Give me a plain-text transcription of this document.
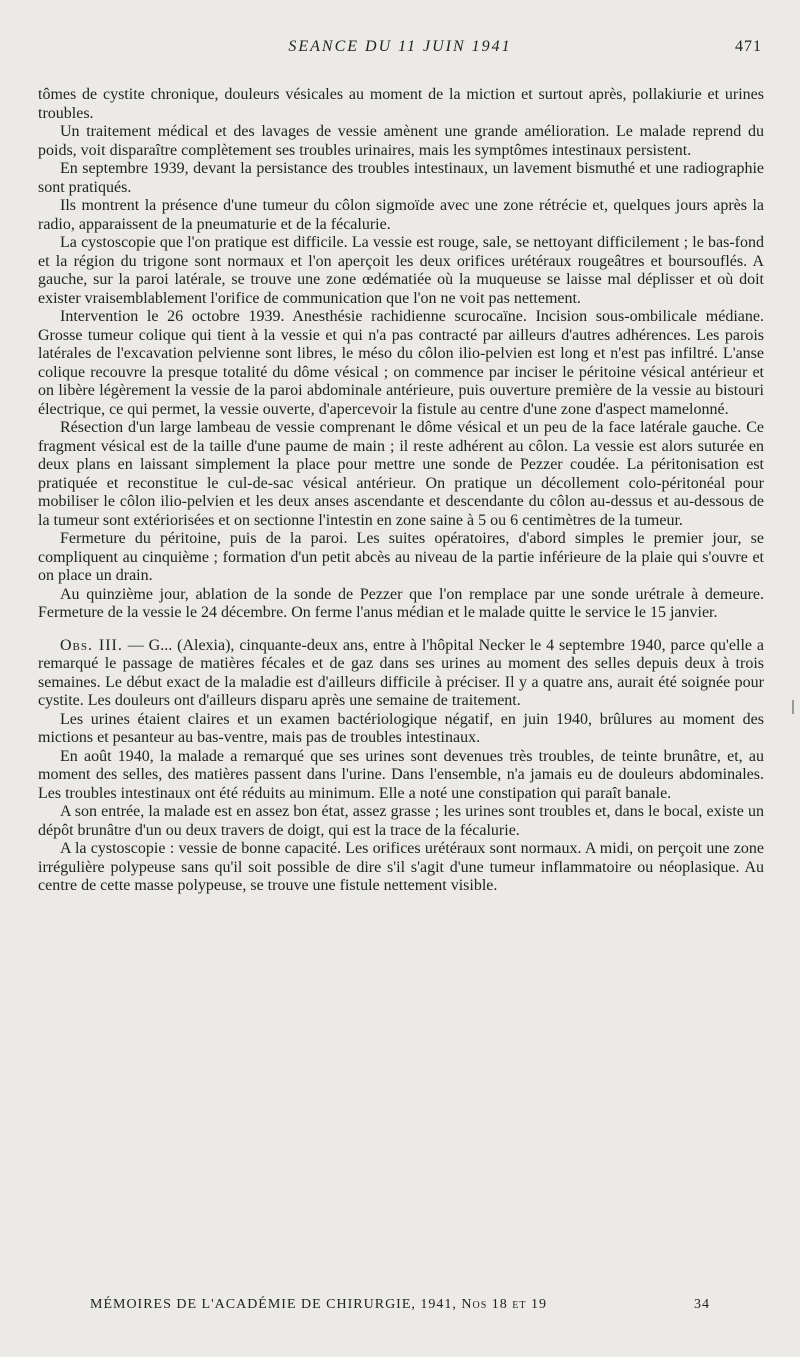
SEANCE DU 11 JUIN 1941	471

tômes de cystite chronique, douleurs vésicales au moment de la miction et surtout après, pollakiurie et urines troubles.

Un traitement médical et des lavages de vessie amènent une grande amélioration. Le malade reprend du poids, voit disparaître complètement ses troubles urinaires, mais les symptômes intestinaux persistent.

En septembre 1939, devant la persistance des troubles intestinaux, un lavement bismuthé et une radiographie sont pratiqués.

Ils montrent la présence d'une tumeur du côlon sigmoïde avec une zone rétrécie et, quelques jours après la radio, apparaissent de la pneumaturie et de la fécalurie.

La cystoscopie que l'on pratique est difficile. La vessie est rouge, sale, se nettoyant difficilement ; le bas-fond et la région du trigone sont normaux et l'on aperçoit les deux orifices urétéraux rougeâtres et boursouflés. A gauche, sur la paroi latérale, se trouve une zone œdématiée où la muqueuse se laisse mal déplisser et où doit exister vraisemblablement l'orifice de communication que l'on ne voit pas nettement.

Intervention le 26 octobre 1939. Anesthésie rachidienne scurocaïne. Incision sous-ombilicale médiane. Grosse tumeur colique qui tient à la vessie et qui n'a pas contracté par ailleurs d'autres adhérences. Les parois latérales de l'excavation pelvienne sont libres, le méso du côlon ilio-pelvien est long et n'est pas infiltré. L'anse colique recouvre la presque totalité du dôme vésical ; on commence par inciser le péritoine vésical antérieur et on libère légèrement la vessie de la paroi abdominale antérieure, puis ouverture première de la vessie au bistouri électrique, ce qui permet, la vessie ouverte, d'apercevoir la fistule au centre d'une zone d'aspect mamelonné.

Résection d'un large lambeau de vessie comprenant le dôme vésical et un peu de la face latérale gauche. Ce fragment vésical est de la taille d'une paume de main ; il reste adhérent au côlon. La vessie est alors suturée en deux plans en laissant simplement la place pour mettre une sonde de Pezzer coudée. La péritonisation est pratiquée et reconstitue le cul-de-sac vésical antérieur. On pratique un décollement colo-péritonéal pour mobiliser le côlon ilio-pelvien et les deux anses ascendante et descendante du côlon au-dessus et au-dessous de la tumeur sont extériorisées et on sectionne l'intestin en zone saine à 5 ou 6 centimètres de la tumeur.

Fermeture du péritoine, puis de la paroi. Les suites opératoires, d'abord simples le premier jour, se compliquent au cinquième ; formation d'un petit abcès au niveau de la partie inférieure de la plaie qui s'ouvre et on place un drain.

Au quinzième jour, ablation de la sonde de Pezzer que l'on remplace par une sonde urétrale à demeure. Fermeture de la vessie le 24 décembre. On ferme l'anus médian et le malade quitte le service le 15 janvier.

Obs. III. — G... (Alexia), cinquante-deux ans, entre à l'hôpital Necker le 4 septembre 1940, parce qu'elle a remarqué le passage de matières fécales et de gaz dans ses urines au moment des selles depuis deux à trois semaines. Le début exact de la maladie est d'ailleurs difficile à préciser. Il y a quatre ans, aurait été soignée pour cystite. Les douleurs ont d'ailleurs disparu après une semaine de traitement.

Les urines étaient claires et un examen bactériologique négatif, en juin 1940, brûlures au moment des mictions et pesanteur au bas-ventre, mais pas de troubles intestinaux.

En août 1940, la malade a remarqué que ses urines sont devenues très troubles, de teinte brunâtre, et, au moment des selles, des matières passent dans l'urine. Dans l'ensemble, n'a jamais eu de douleurs abdominales. Les troubles intestinaux ont été réduits au minimum. Elle a noté une constipation qui paraît banale.

A son entrée, la malade est en assez bon état, assez grasse ; les urines sont troubles et, dans le bocal, existe un dépôt brunâtre d'un ou deux travers de doigt, qui est la trace de la fécalurie.

A la cystoscopie : vessie de bonne capacité. Les orifices urétéraux sont normaux. A midi, on perçoit une zone irrégulière polypeuse sans qu'il soit possible de dire s'il s'agit d'une tumeur inflammatoire ou néoplasique. Au centre de cette masse polypeuse, se trouve une fistule nettement visible.

MÉMOIRES DE L'ACADÉMIE DE CHIRURGIE, 1941, Nos 18 et 19	34
